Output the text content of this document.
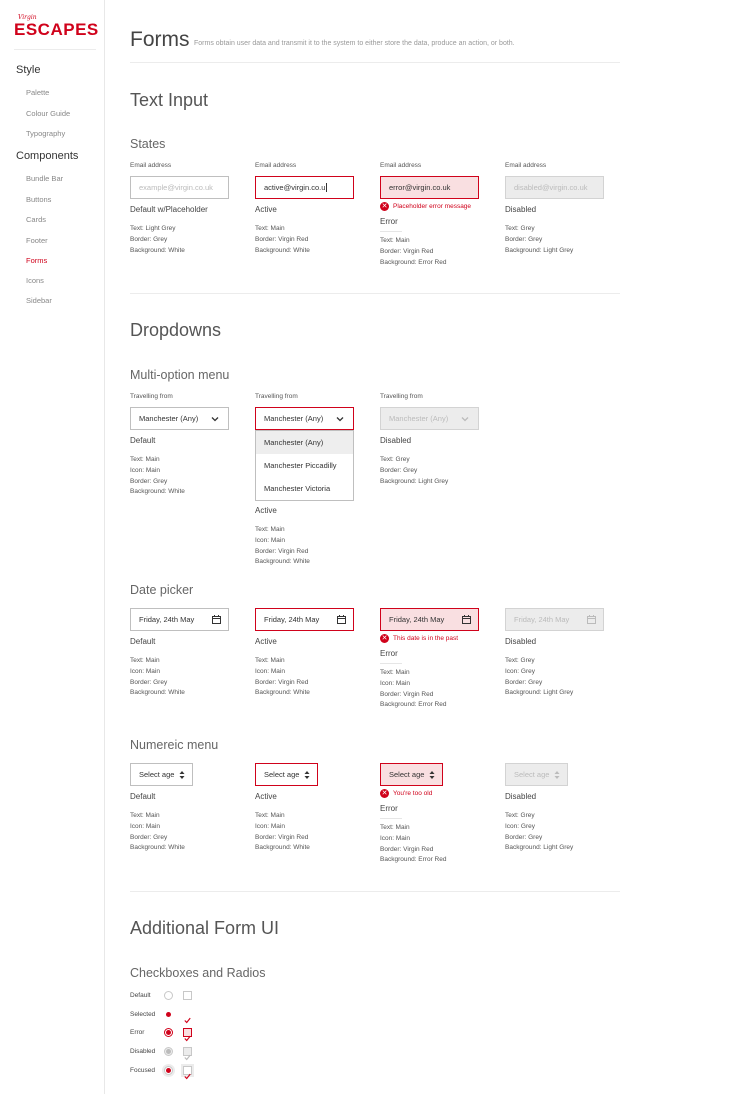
Virgin
ESCAPES
Style
Palette
Colour Guide
Typography
Components
Bundle Bar
Buttons
Cards
Footer
Forms
Icons
Sidebar
Forms Forms obtain user data and transmit it to the system to either store the data, produce an action, or both.
Text Input
States
Email address
example@virgin.co.uk
Default w/Placeholder
Text: Light Grey
Border: Grey
Background: White
Email address
active@virgin.co.u
Active
Text: Main
Border: Virgin Red
Background: White
Email address
error@virgin.co.uk
✕ Placeholder error message
Error
Text: Main
Border: Virgin Red
Background: Error Red
Email address
disabled@virgin.co.uk
Disabled
Text: Grey
Border: Grey
Background: Light Grey
Dropdowns
Multi-option menu
Travelling from
Manchester (Any)
Default
Text: Main
Icon: Main
Border: Grey
Background: White
Travelling from
Manchester (Any)
Manchester (Any)
Manchester Piccadilly
Manchester Victoria
Active
Text: Main
Icon: Main
Border: Virgin Red
Background: White
Travelling from
Manchester (Any)
Disabled
Text: Grey
Border: Grey
Background: Light Grey
Date picker
Friday, 24th May
Default
Text: Main
Icon: Main
Border: Grey
Background: White
Friday, 24th May
Active
Text: Main
Icon: Main
Border: Virgin Red
Background: White
Friday, 24th May
✕ This date is in the past
Error
Text: Main
Icon: Main
Border: Virgin Red
Background: Error Red
Friday, 24th May
Disabled
Text: Grey
Icon: Grey
Border: Grey
Background: Light Grey
Numereic menu
Select age
Default
Text: Main
Icon: Main
Border: Grey
Background: White
Select age
Active
Text: Main
Icon: Main
Border: Virgin Red
Background: White
Select age
✕ You're too old
Error
Text: Main
Icon: Main
Border: Virgin Red
Background: Error Red
Select age
Disabled
Text: Grey
Icon: Grey
Border: Grey
Background: Light Grey
Additional Form UI
Checkboxes and Radios
Default
Selected
Error
Disabled
Focused
